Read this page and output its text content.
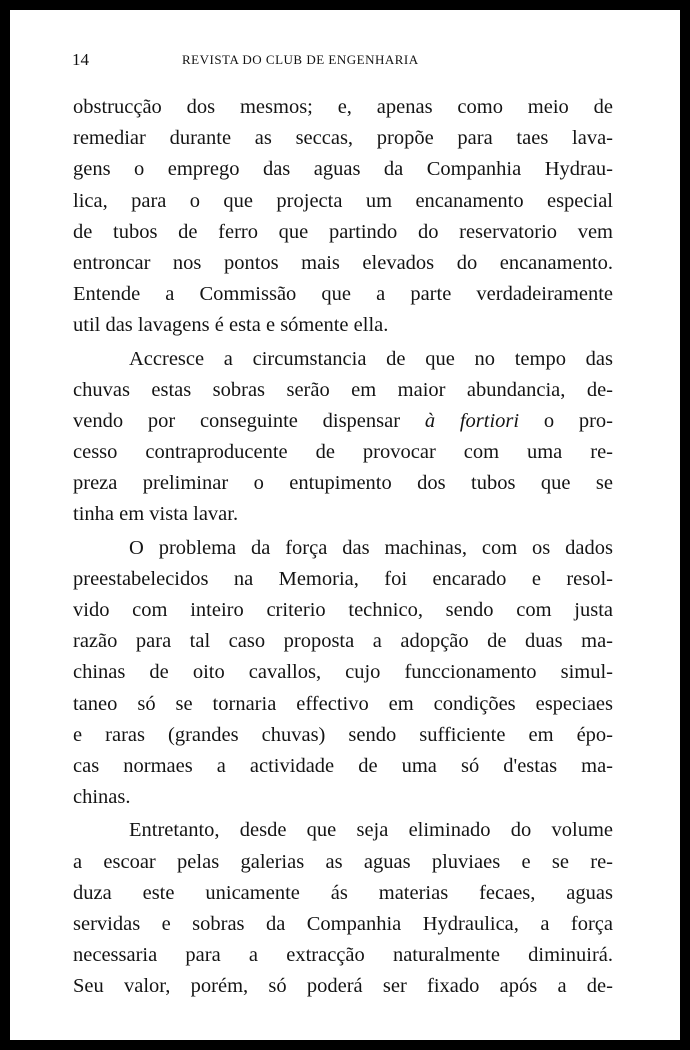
14	REVISTA DO CLUB DE ENGENHARIA
obstrucção dos mesmos; e, apenas como meio de
remediar durante as seccas, propõe para taes lava-
gens o emprego das aguas da Companhia Hydrau-
lica, para o que projecta um encanamento especial
de tubos de ferro que partindo do reservatorio vem
entroncar nos pontos mais elevados do encanamento.
Entende a Commissão que a parte verdadeiramente
util das lavagens é esta e sómente ella.
Accresce a circumstancia de que no tempo das
chuvas estas sobras serão em maior abundancia, de-
vendo por conseguinte dispensar à fortiori o pro-
cesso contraproducente de provocar com uma re-
preza preliminar o entupimento dos tubos que se
tinha em vista lavar.
O problema da força das machinas, com os dados
preestabelecidos na Memoria, foi encarado e resol-
vido com inteiro criterio technico, sendo com justa
razão para tal caso proposta a adopção de duas ma-
chinas de oito cavallos, cujo funccionamento simul-
taneo só se tornaria effectivo em condições especiaes
e raras (grandes chuvas) sendo sufficiente em épo-
cas normaes a actividade de uma só d'estas ma-
chinas.
Entretanto, desde que seja eliminado do volume
a escoar pelas galerias as aguas pluviaes e se re-
duza este unicamente ás materias fecaes, aguas
servidas e sobras da Companhia Hydraulica, a força
necessaria para a extracção naturalmente diminuirá.
Seu valor, porém, só poderá ser fixado após a de-
